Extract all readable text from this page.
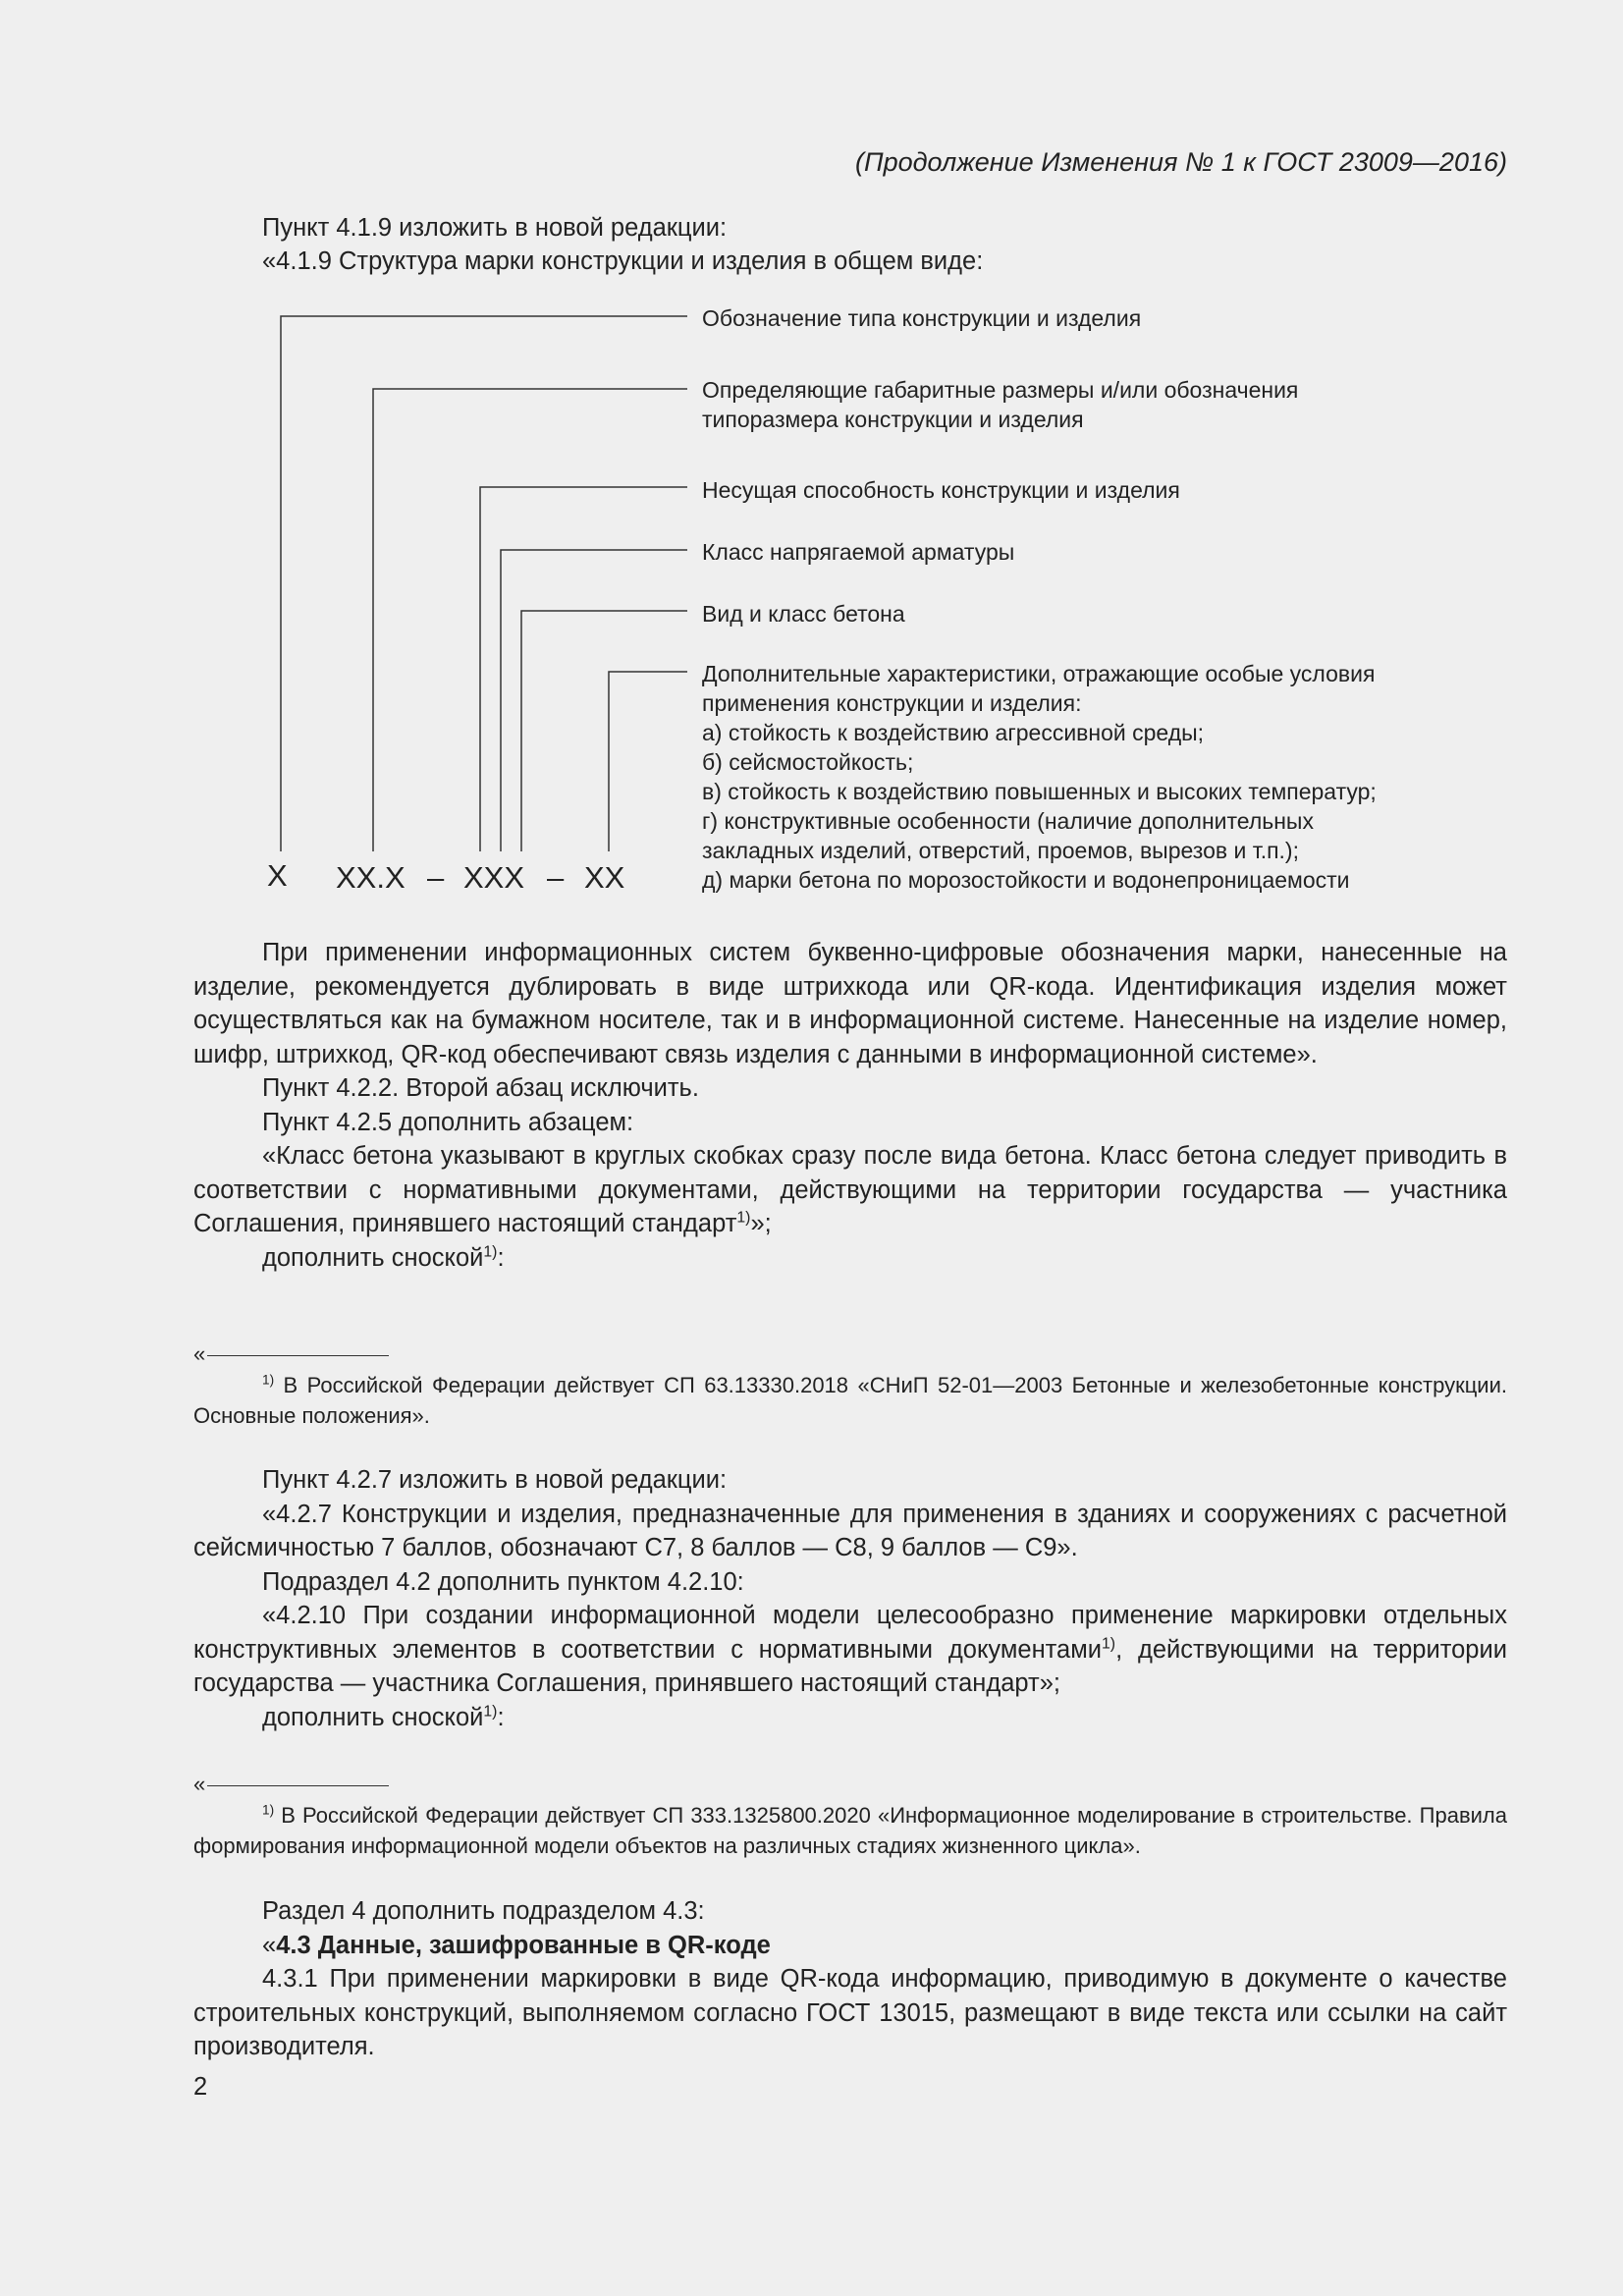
(Продолжение Изменения № 1 к ГОСТ 23009—2016)
Пункт 4.1.9 изложить в новой редакции:
«4.1.9 Структура марки конструкции и изделия в общем виде:
Обозначение типа конструкции и изделия
Определяющие габаритные размеры и/или обозначения
типоразмера конструкции и изделия
Несущая способность конструкции и изделия
Класс напрягаемой арматуры
Вид и класс бетона
Дополнительные характеристики, отражающие особые условия
применения конструкции и изделия:
а) стойкость к воздействию агрессивной среды;
б) сейсмостойкость;
в) стойкость к воздействию повышенных и высоких температур;
г) конструктивные особенности (наличие дополнительных
закладных изделий, отверстий, проемов, вырезов и т.п.);
д) марки бетона по морозостойкости и водонепроницаемости
X XX.X – XXX – XX

При применении информационных систем буквенно-цифровые обозначения марки, нанесенные на изделие, рекомендуется дублировать в виде штрихкода или QR-кода. Идентификация изделия может осуществляться как на бумажном носителе, так и в информационной системе. Нанесенные на изделие номер, шифр, штрихкод, QR-код обеспечивают связь изделия с данными в информационной системе».

Пункт 4.2.2. Второй абзац исключить.

Пункт 4.2.5 дополнить абзацем:

«Класс бетона указывают в круглых скобках сразу после вида бетона. Класс бетона следует приводить в соответствии с нормативными документами, действующими на территории государства — участника Соглашения, принявшего настоящий стандарт$^{1)}$»;

дополнить сноской$^{1)}$:

«

$^{1)}$ В Российской Федерации действует СП 63.13330.2018 «СНиП 52-01—2003 Бетонные и железобетонные конструкции. Основные положения».

Пункт 4.2.7 изложить в новой редакции:

«4.2.7 Конструкции и изделия, предназначенные для применения в зданиях и сооружениях с расчетной сейсмичностью 7 баллов, обозначают С7, 8 баллов — С8, 9 баллов — С9».

Подраздел 4.2 дополнить пунктом 4.2.10:

«4.2.10 При создании информационной модели целесообразно применение маркировки отдельных конструктивных элементов в соответствии с нормативными документами$^{1)}$, действующими на территории государства — участника Соглашения, принявшего настоящий стандарт»;

дополнить сноской$^{1)}$:

«

$^{1)}$ В Российской Федерации действует СП 333.1325800.2020 «Информационное моделирование в строительстве. Правила формирования информационной модели объектов на различных стадиях жизненного цикла».

Раздел 4 дополнить подразделом 4.3:

«4.3 Данные, зашифрованные в QR-коде

4.3.1 При применении маркировки в виде QR-кода информацию, приводимую в документе о качестве строительных конструкций, выполняемом согласно ГОСТ 13015, размещают в виде текста или ссылки на сайт производителя.

2
